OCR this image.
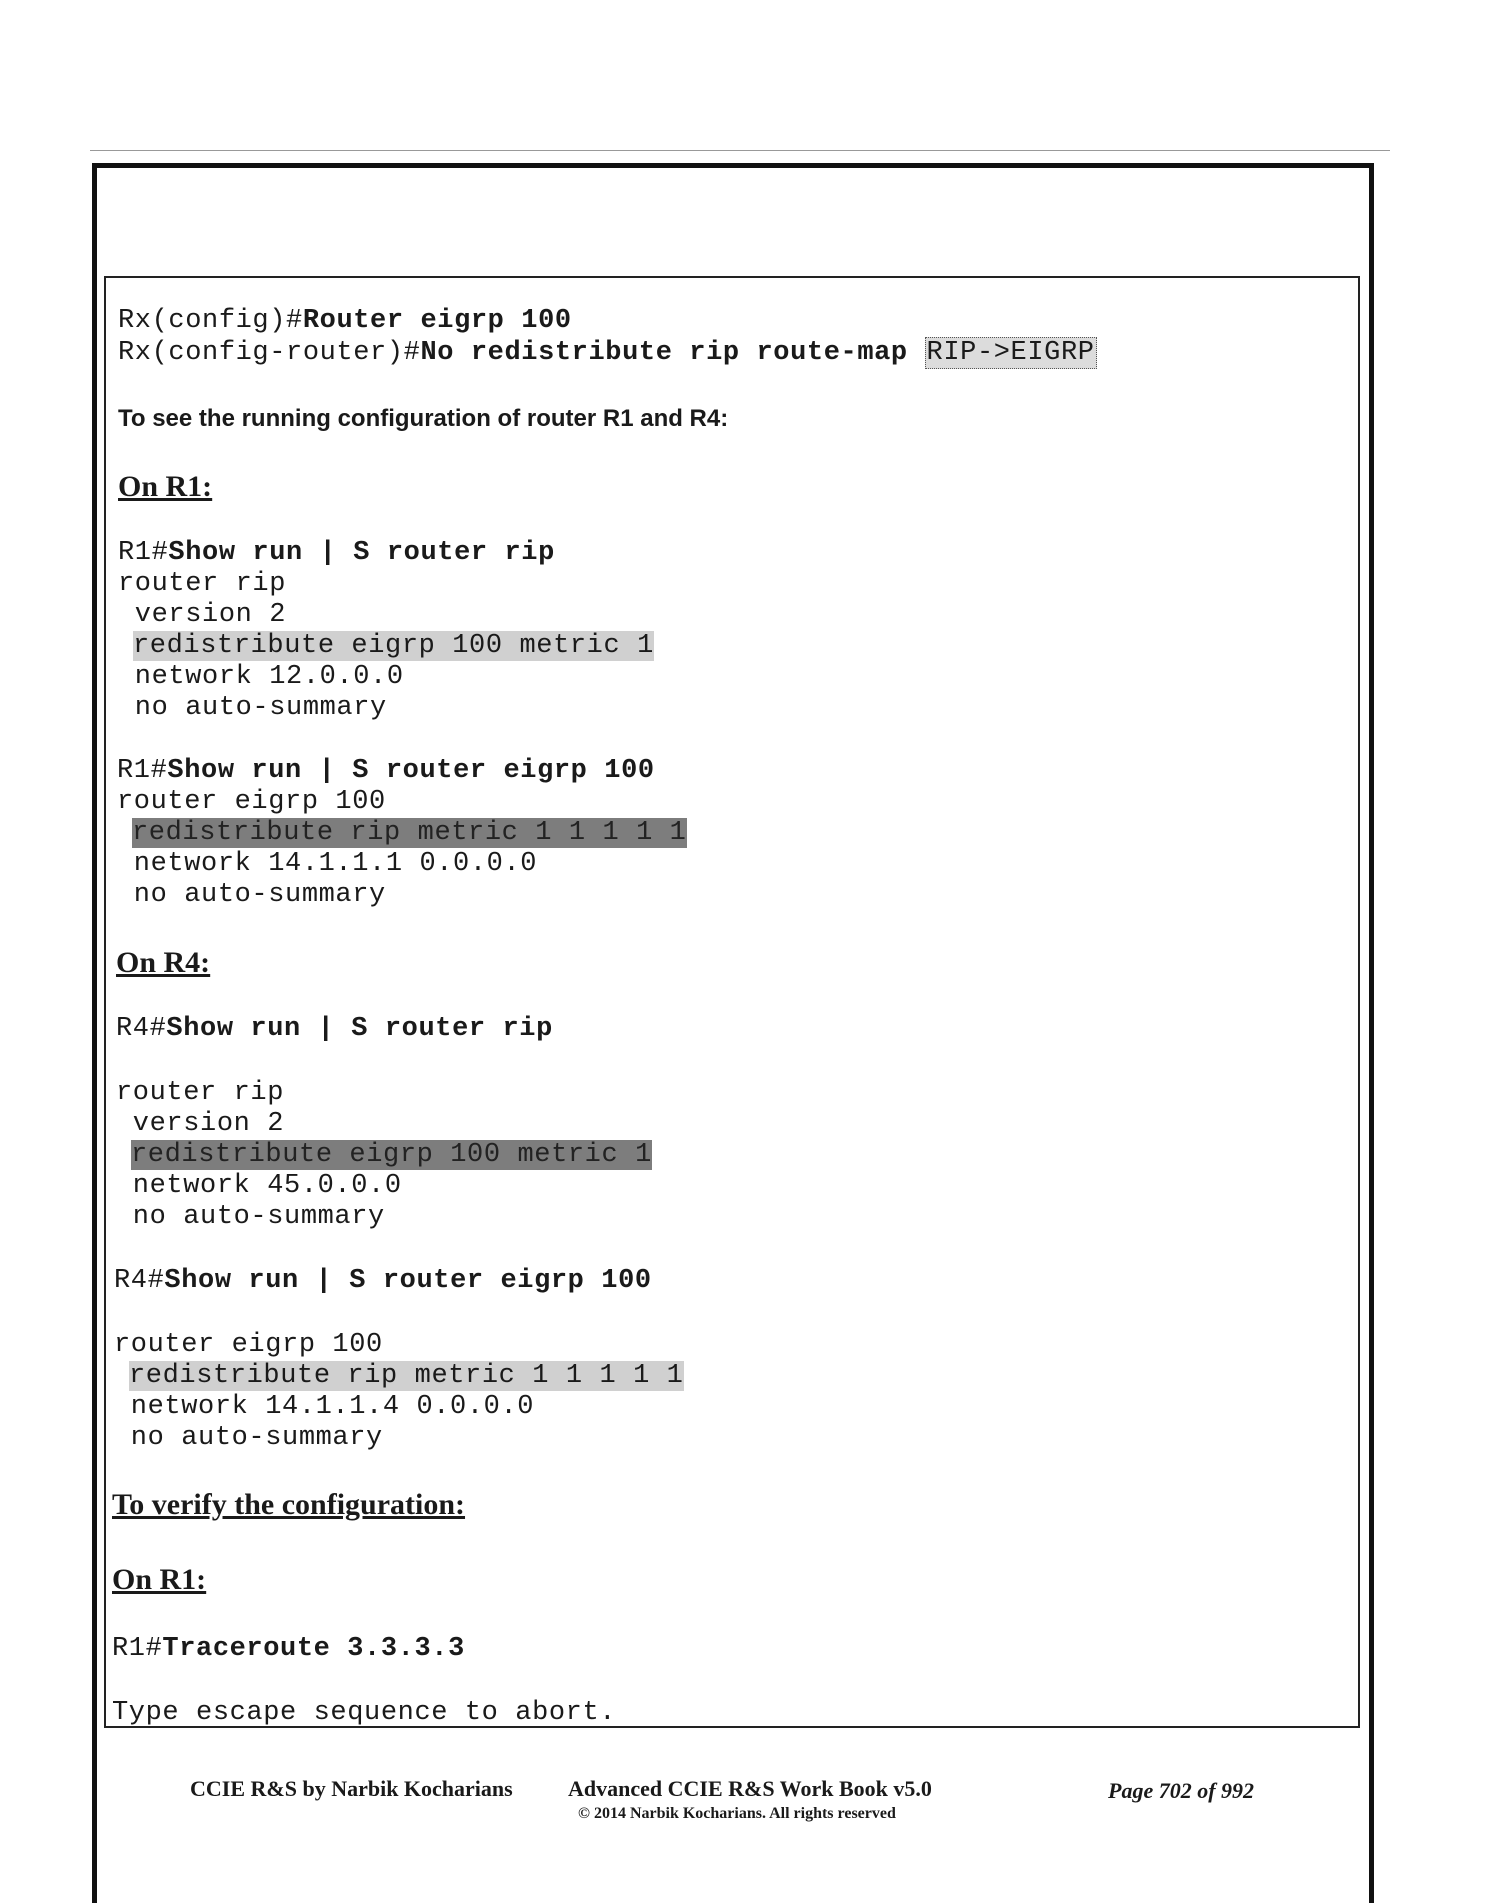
Rx(config)#Router eigrp 100
Rx(config-router)#No redistribute rip route-map RIP->EIGRP
To see the running configuration of router R1 and R4:
On R1:
R1#Show run | S router rip
router rip
version 2
redistribute eigrp 100 metric 1
network 12.0.0.0
no auto-summary
R1#Show run | S router eigrp 100
router eigrp 100
redistribute rip metric 1 1 1 1 1
network 14.1.1.1 0.0.0.0
no auto-summary
On R4:
R4#Show run | S router rip
router rip
version 2
redistribute eigrp 100 metric 1
network 45.0.0.0
no auto-summary
R4#Show run | S router eigrp 100
router eigrp 100
redistribute rip metric 1 1 1 1 1
network 14.1.1.4 0.0.0.0
no auto-summary
To verify the configuration:
On R1:
R1#Traceroute 3.3.3.3
Type escape sequence to abort.
CCIE R&S by Narbik Kocharians	Advanced CCIE R&S Work Book v5.0
© 2014 Narbik Kocharians. All rights reserved
Page 702 of 992
